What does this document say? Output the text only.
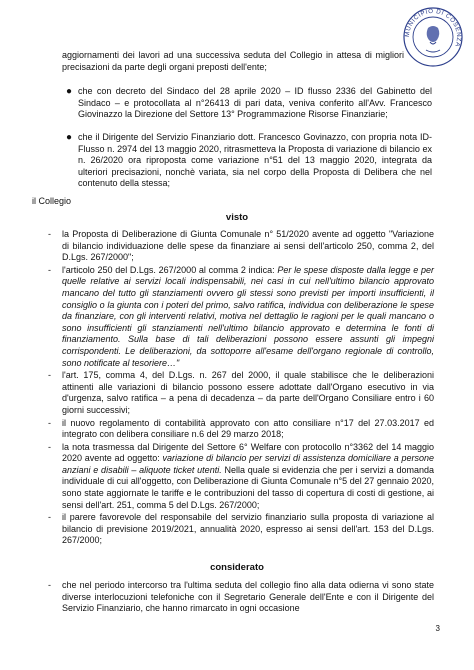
MUNICIPIO DI COSENZA

aggiornamenti dei lavori ad una successiva seduta del Collegio in attesa di migliori precisazioni da parte degli organi preposti dell'ente;

● che con decreto del Sindaco del 28 aprile 2020 – ID flusso 2336 del Gabinetto del Sindaco – e protocollata al n°26413 di pari data, veniva conferito all'Avv. Francesco Giovinazzo la Direzione del Settore 13° Programmazione Risorse Finanziarie;
● che il Dirigente del Servizio Finanziario dott. Francesco Govinazzo, con propria nota ID-Flusso n. 2974 del 13 maggio 2020, ritrasmetteva la Proposta di variazione di bilancio ex n. 26/2020 ora riproposta come variazione n°51 del 13 maggio 2020, integrata da ulteriori precisazioni, nonchè variata, sia nel corpo della Proposta di Delibera che nel contenuto della stessa;

il Collegio

visto
- la Proposta di Deliberazione di Giunta Comunale n° 51/2020 avente ad oggetto "Variazione di bilancio individuazione delle spese da finanziare ai sensi dell'articolo 250, comma 2, del D.Lgs. 267/2000";
- l'articolo 250 del D.Lgs. 267/2000 al comma 2 indica: Per le spese disposte dalla legge e per quelle relative ai servizi locali indispensabili, nei casi in cui nell'ultimo bilancio approvato mancano del tutto gli stanziamenti ovvero gli stessi sono previsti per importi insufficienti, il consiglio o la giunta con i poteri del primo, salvo ratifica, individua con deliberazione le spese da finanziare, con gli interventi relativi, motiva nel dettaglio le ragioni per le quali mancano o sono insufficienti gli stanziamenti nell'ultimo bilancio approvato e determina le fonti di finanziamento. Sulla base di tali deliberazioni possono essere assunti gli impegni corrispondenti. Le deliberazioni, da sottoporre all'esame dell'organo regionale di controllo, sono notificate al tesoriere…"
- l'art. 175, comma 4, del D.Lgs. n. 267 del 2000, il quale stabilisce che le deliberazioni attinenti alle variazioni di bilancio possono essere adottate dall'Organo esecutivo in via d'urgenza, salvo ratifica – a pena di decadenza – da parte dell'Organo Consiliare entro i 60 giorni successivi;
- il nuovo regolamento di contabilità approvato con atto consiliare n°17 del 27.03.2017 ed integrato con delibera consiliare n.6 del 29 marzo 2018;
- la nota trasmessa dal Dirigente del Settore 6° Welfare con protocollo n°3362 del 14 maggio 2020 avente ad oggetto: variazione di bilancio per servizi di assistenza domiciliare a persone anziani e disabili – aliquote ticket utenti. Nella quale si evidenzia che per i servizi a domanda individuale di cui all'oggetto, con Deliberazione di Giunta Comunale n°5 del 27 gennaio 2020, sono state aggiornate le tariffe e le contribuzioni del tasso di copertura di costi di gestione, ai sensi dell'art. 251, comma 5 del D.Lgs. 267/2000;
- il parere favorevole del responsabile del servizio finanziario sulla proposta di variazione al bilancio di previsione 2019/2021, annualità 2020, espresso ai sensi dell'art. 153 del D.Lgs. 267/2000;
considerato
- che nel periodo intercorso tra l'ultima seduta del collegio fino alla data odierna vi sono state diverse interlocuzioni telefoniche con il Segretario Generale dell'Ente e con il Dirigente del Servizio Finanziario, che hanno rimarcato in ogni occasione
3
